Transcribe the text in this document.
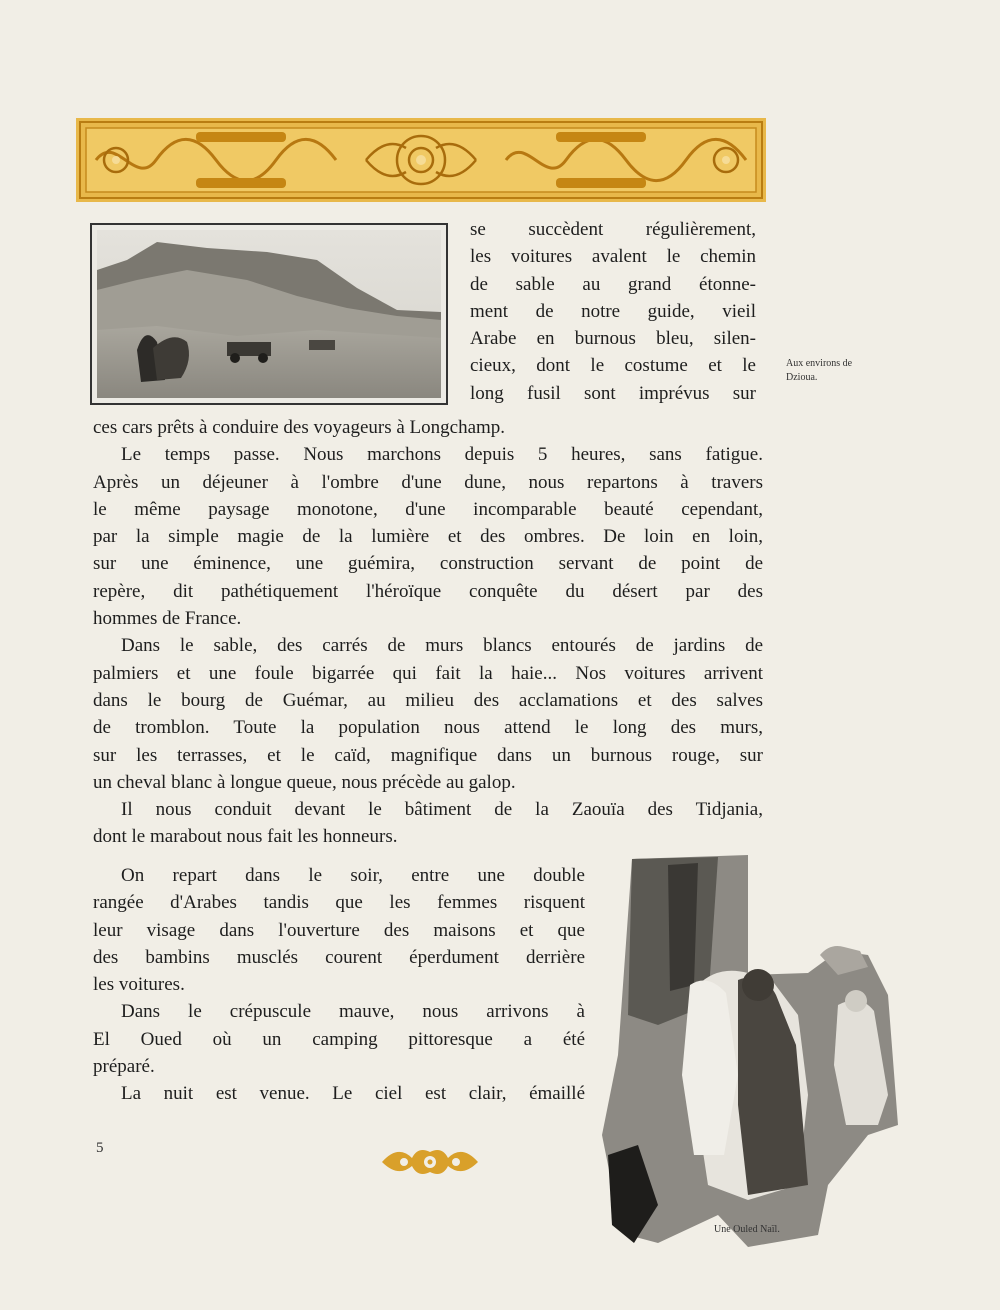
Aux environs de
Dzioua.
se succèdent régulièrement,
les voitures avalent le chemin
de sable au grand étonne-
ment de notre guide, vieil
Arabe en burnous bleu, silen-
cieux, dont le costume et le
long fusil sont imprévus sur
ces cars prêts à conduire des voyageurs à Longchamp.
Le temps passe. Nous marchons depuis 5 heures, sans fatigue.
Après un déjeuner à l'ombre d'une dune, nous repartons à travers
le même paysage monotone, d'une incomparable beauté cependant,
par la simple magie de la lumière et des ombres. De loin en loin,
sur une éminence, une guémira, construction servant de point de
repère, dit pathétiquement l'héroïque conquête du désert par des
hommes de France.
Dans le sable, des carrés de murs blancs entourés de jardins de
palmiers et une foule bigarrée qui fait la haie... Nos voitures arrivent
dans le bourg de Guémar, au milieu des acclamations et des salves
de tromblon. Toute la population nous attend le long des murs,
sur les terrasses, et le caïd, magnifique dans un burnous rouge, sur
un cheval blanc à longue queue, nous précède au galop.
Il nous conduit devant le bâtiment de la Zaouïa des Tidjania,
dont le marabout nous fait les honneurs.
On repart dans le soir, entre une double
rangée d'Arabes tandis que les femmes risquent
leur visage dans l'ouverture des maisons et que
des bambins musclés courent éperdument derrière
les voitures.
Dans le crépuscule mauve, nous arrivons à
El Oued où un camping pittoresque a été
préparé.
La nuit est venue. Le ciel est clair, émaillé
Une Ouled Naïl.
5
